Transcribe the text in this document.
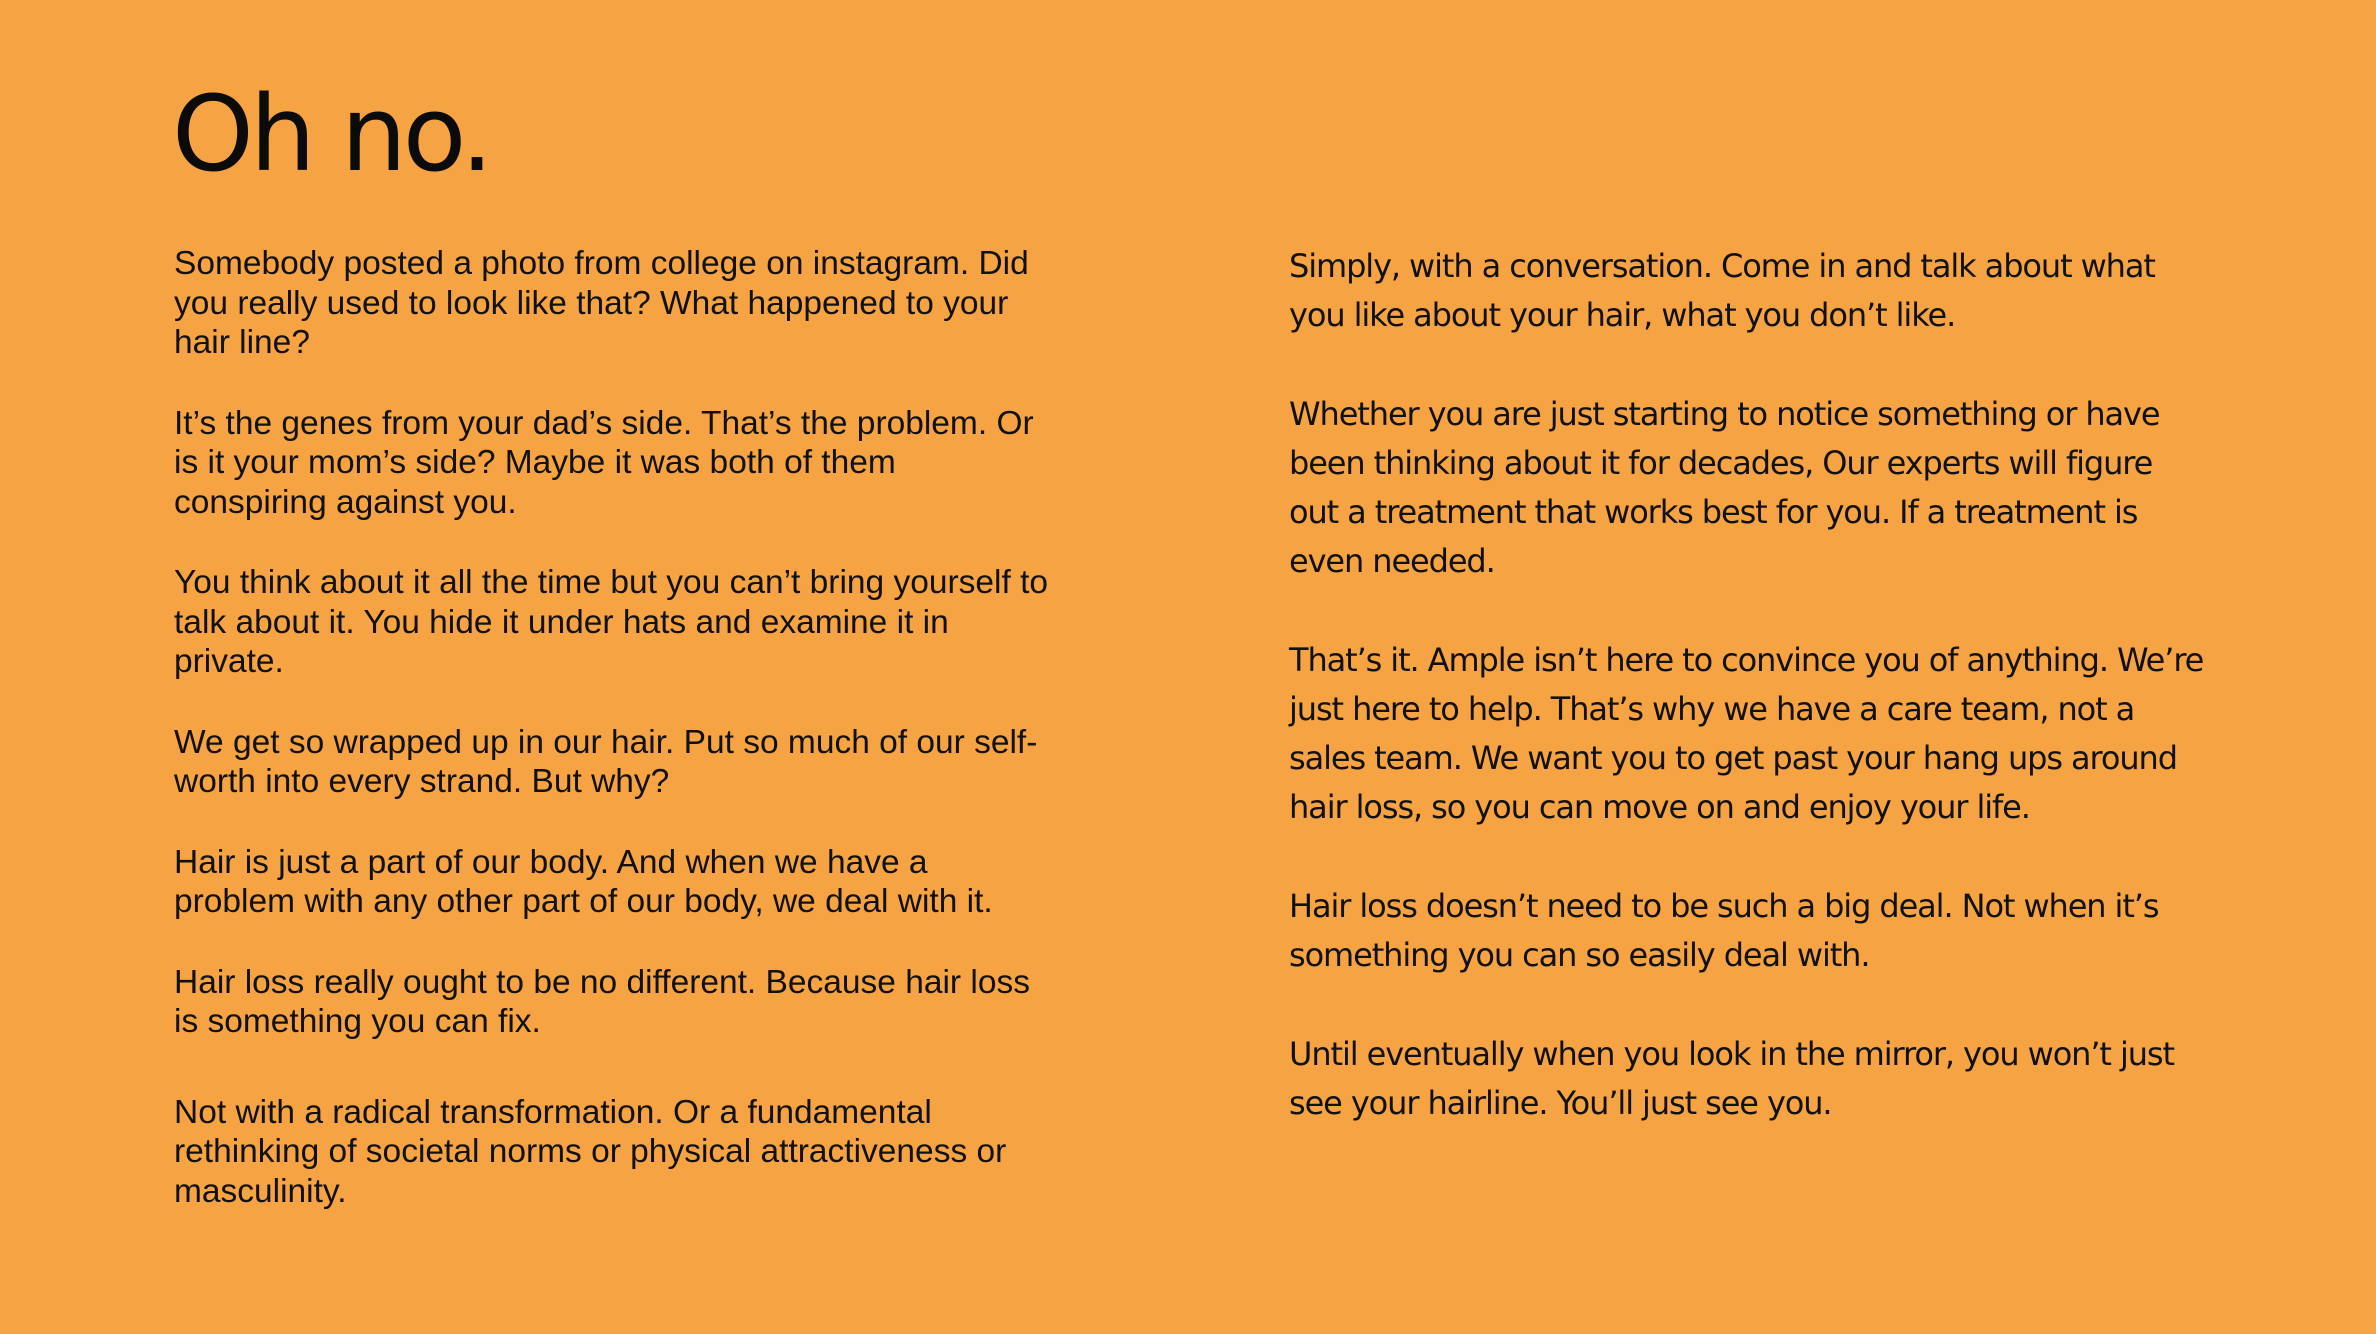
Oh no.

Somebody posted a photo from college on instagram. Did you really used to look like that? What happened to your hair line?

It’s the genes from your dad’s side. That’s the problem. Or is it your mom’s side? Maybe it was both of them conspiring against you.

You think about it all the time but you can’t bring yourself to talk about it. You hide it under hats and examine it in private.

We get so wrapped up in our hair. Put so much of our self-worth into every strand. But why?

Hair is just a part of our body. And when we have a problem with any other part of our body, we deal with it.

Hair loss really ought to be no different. Because hair loss is something you can fix.

Not with a radical transformation. Or a fundamental rethinking of societal norms or physical attractiveness or masculinity.

Simply, with a conversation. Come in and talk about what you like about your hair, what you don’t like.

Whether you are just starting to notice something or have been thinking about it for decades, Our experts will figure out a treatment that works best for you. If a treatment is even needed.

That’s it. Ample isn’t here to convince you of anything. We’re just here to help. That’s why we have a care team, not a sales team. We want you to get past your hang ups around hair loss, so you can move on and enjoy your life.

Hair loss doesn’t need to be such a big deal. Not when it’s something you can so easily deal with.

Until eventually when you look in the mirror, you won’t just see your hairline. You’ll just see you.
